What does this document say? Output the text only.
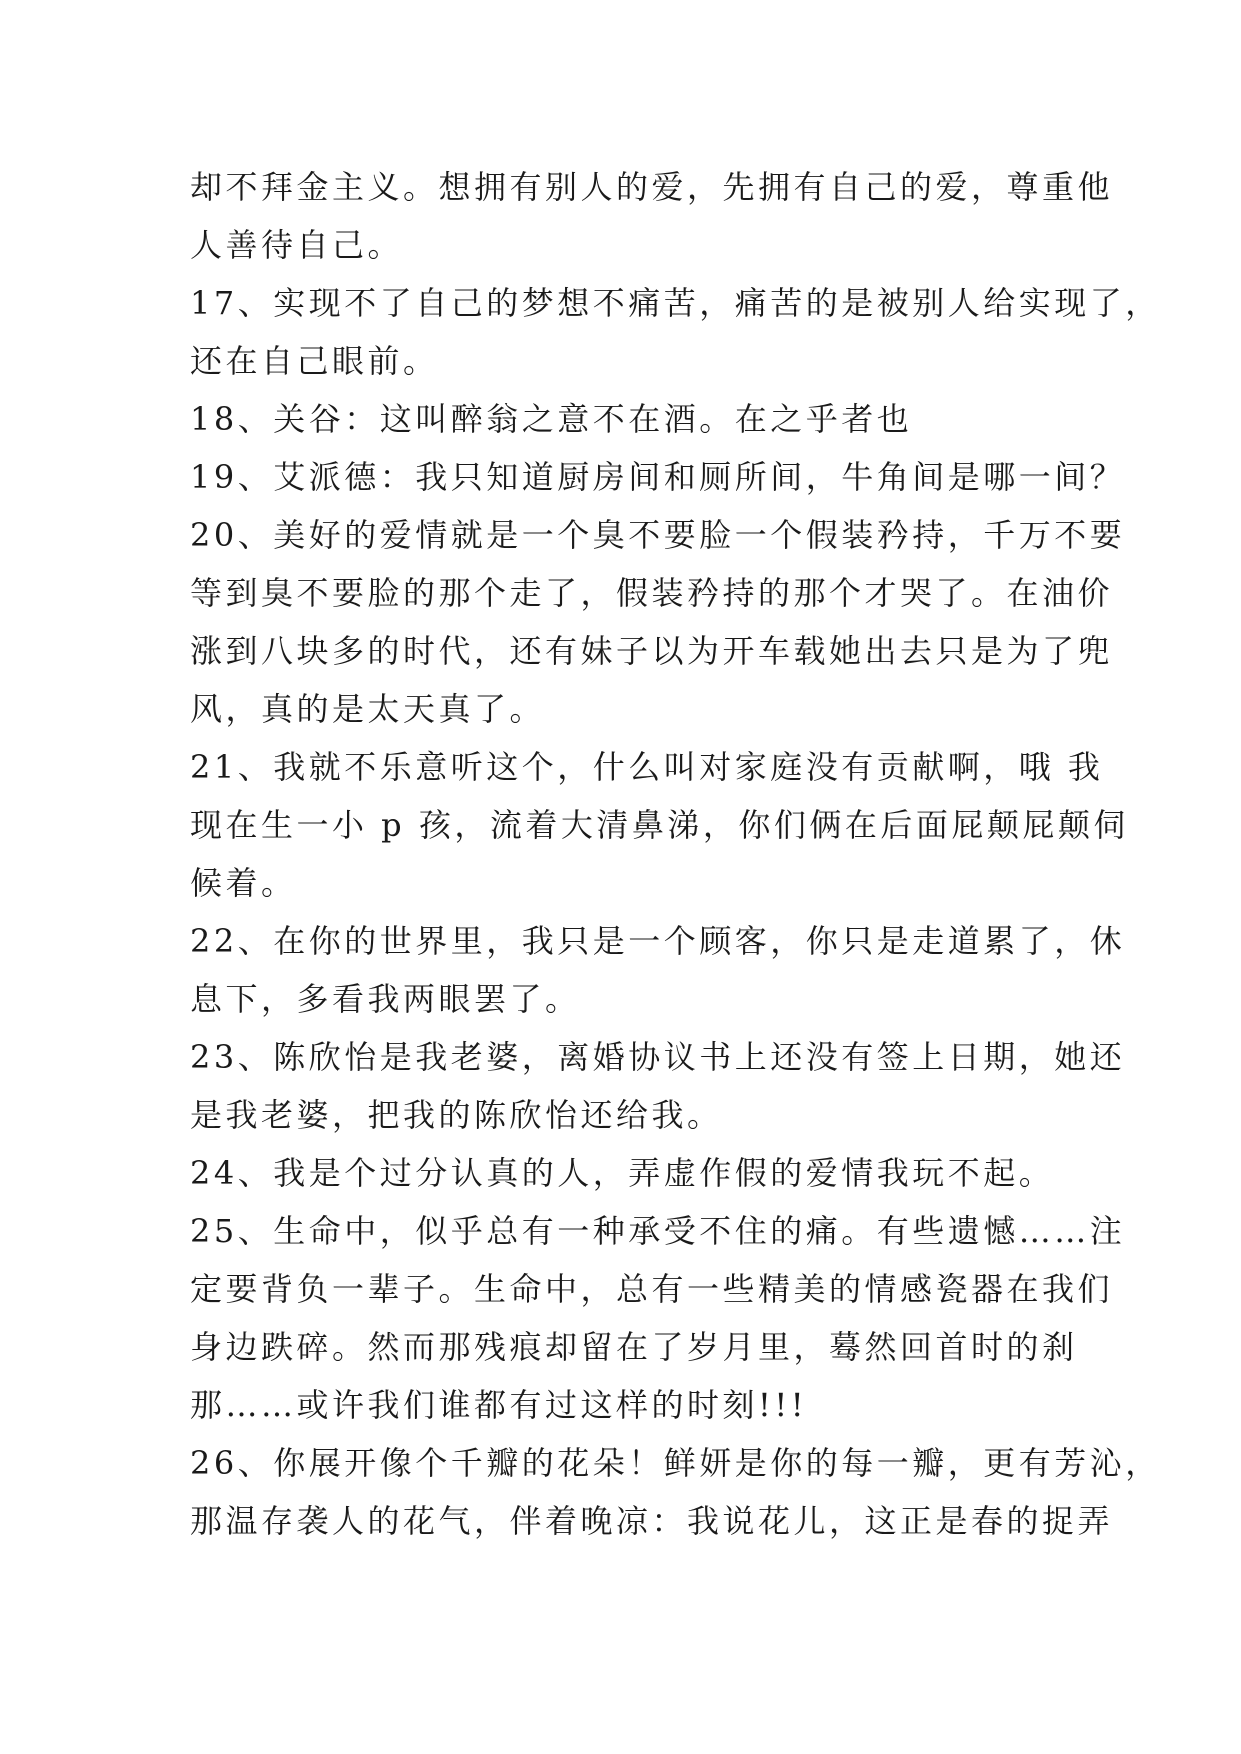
却不拜金主义。想拥有别人的爱，先拥有自己的爱，尊重他
人善待自己。
17、实现不了自己的梦想不痛苦，痛苦的是被别人给实现了，
还在自己眼前。
18、关谷：这叫醉翁之意不在酒。在之乎者也
19、艾派德：我只知道厨房间和厕所间，牛角间是哪一间？
20、美好的爱情就是一个臭不要脸一个假装矜持，千万不要
等到臭不要脸的那个走了，假装矜持的那个才哭了。在油价
涨到八块多的时代，还有妹子以为开车载她出去只是为了兜
风，真的是太天真了。
21、我就不乐意听这个，什么叫对家庭没有贡献啊，哦 我
现在生一小 p 孩，流着大清鼻涕，你们俩在后面屁颠屁颠伺
候着。
22、在你的世界里，我只是一个顾客，你只是走道累了，休
息下，多看我两眼罢了。
23、陈欣怡是我老婆，离婚协议书上还没有签上日期，她还
是我老婆，把我的陈欣怡还给我。
24、我是个过分认真的人，弄虚作假的爱情我玩不起。
25、生命中，似乎总有一种承受不住的痛。有些遗憾……注
定要背负一辈子。生命中，总有一些精美的情感瓷器在我们
身边跌碎。然而那残痕却留在了岁月里，蓦然回首时的刹
那……或许我们谁都有过这样的时刻!!!
26、你展开像个千瓣的花朵！鲜妍是你的每一瓣，更有芳沁，
那温存袭人的花气，伴着晚凉：我说花儿，这正是春的捉弄
